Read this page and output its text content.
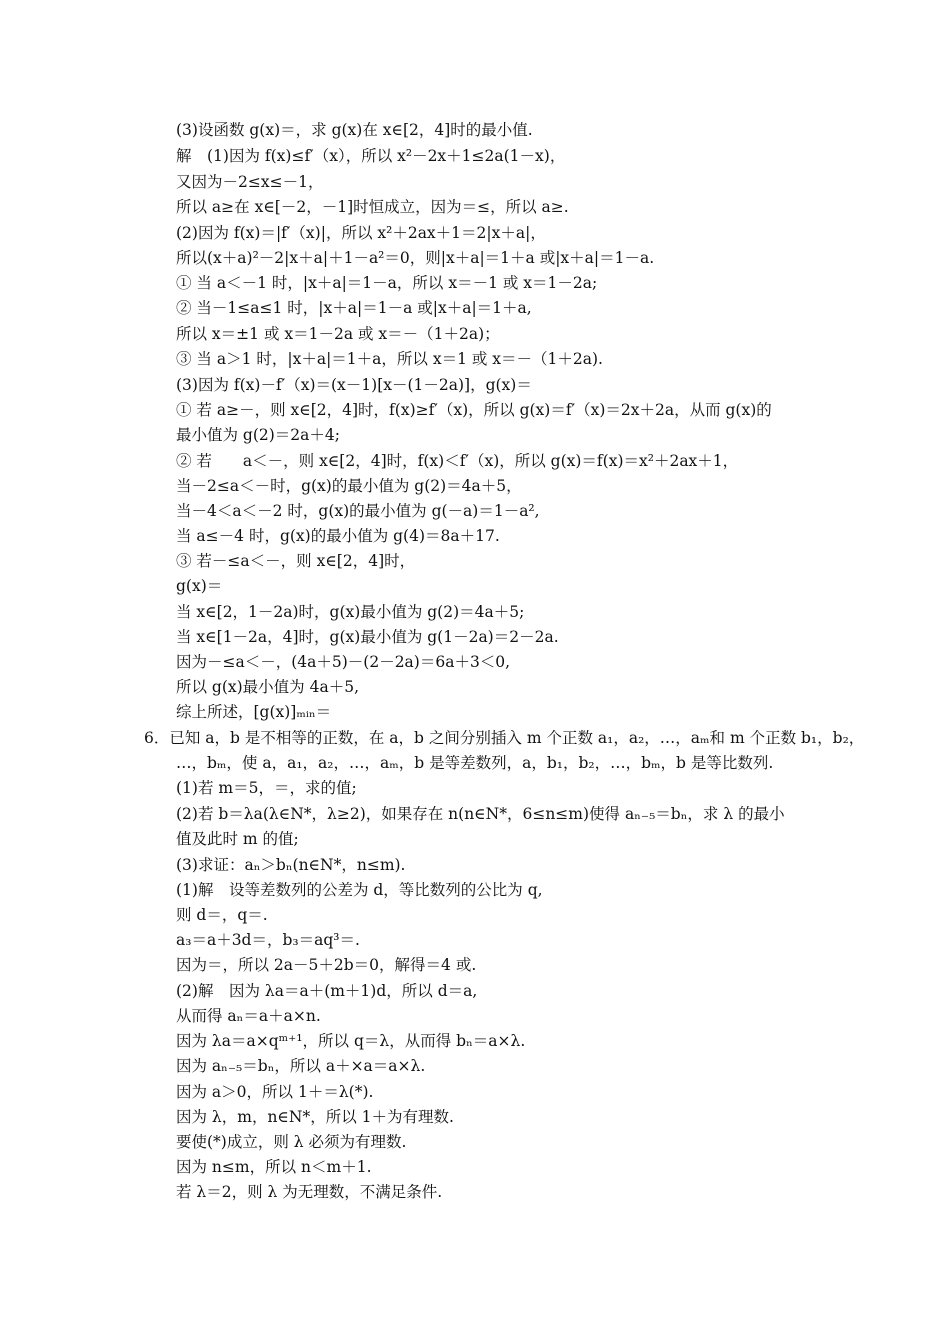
(3)设函数 g(x)＝，求 g(x)在 x∈[2，4]时的最小值.
解　(1)因为 f(x)≤f′（x），所以 x²－2x＋1≤2a(1－x)，
又因为－2≤x≤－1，
所以 a≥在 x∈[－2，－1]时恒成立，因为＝≤，所以 a≥.
(2)因为 f(x)＝|f′（x)|，所以 x²＋2ax＋1＝2|x＋a|，
所以(x＋a)²－2|x＋a|＋1－a²＝0，则|x＋a|＝1＋a 或|x＋a|＝1－a.
① 当 a＜－1 时，|x＋a|＝1－a，所以 x＝－1 或 x＝1－2a;
② 当－1≤a≤1 时，|x＋a|＝1－a 或|x＋a|＝1＋a,
所以 x＝±1 或 x＝1－2a 或 x＝－（1＋2a)；
③ 当 a＞1 时，|x＋a|＝1＋a，所以 x＝1 或 x＝－（1＋2a).
(3)因为 f(x)－f′（x)＝(x－1)[x－(1－2a)]，g(x)＝
① 若 a≥－，则 x∈[2，4]时，f(x)≥f′（x)，所以 g(x)＝f′（x)＝2x＋2a，从而 g(x)的
最小值为 g(2)＝2a＋4;
② 若　　a＜－，则 x∈[2，4]时，f(x)＜f′（x)，所以 g(x)＝f(x)＝x²＋2ax＋1，
当－2≤a＜－时，g(x)的最小值为 g(2)＝4a＋5，
当－4＜a＜－2 时，g(x)的最小值为 g(－a)＝1－a²,
当 a≤－4 时，g(x)的最小值为 g(4)＝8a＋17.
③ 若－≤a＜－，则 x∈[2，4]时，
g(x)＝
当 x∈[2，1－2a)时，g(x)最小值为 g(2)＝4a＋5;
当 x∈[1－2a，4]时，g(x)最小值为 g(1－2a)＝2－2a.
因为－≤a＜－，(4a＋5)－(2－2a)＝6a＋3＜0,
所以 g(x)最小值为 4a＋5,
综上所述，[g(x)]ₘᵢₙ＝
6．已知 a，b 是不相等的正数，在 a，b 之间分别插入 m 个正数 a₁，a₂，…，aₘ和 m 个正数 b₁，b₂，
…，bₘ，使 a，a₁，a₂，…，aₘ，b 是等差数列，a，b₁，b₂，…，bₘ，b 是等比数列.
(1)若 m＝5，＝，求的值;
(2)若 b＝λa(λ∈N*，λ≥2)，如果存在 n(n∈N*，6≤n≤m)使得 aₙ₋₅＝bₙ，求 λ 的最小
值及此时 m 的值;
(3)求证：aₙ＞bₙ(n∈N*，n≤m).
(1)解　设等差数列的公差为 d，等比数列的公比为 q,
则 d＝，q＝.
a₃＝a＋3d＝，b₃＝aq³＝.
因为＝，所以 2a－5＋2b＝0，解得＝4 或.
(2)解　因为 λa＝a＋(m＋1)d，所以 d＝a,
从而得 aₙ＝a＋a×n.
因为 λa＝a×qᵐ⁺¹，所以 q＝λ，从而得 bₙ＝a×λ.
因为 aₙ₋₅＝bₙ，所以 a＋×a＝a×λ.
因为 a＞0，所以 1＋＝λ(*).
因为 λ，m，n∈N*，所以 1＋为有理数.
要使(*)成立，则 λ 必须为有理数.
因为 n≤m，所以 n＜m＋1.
若 λ＝2，则 λ 为无理数，不满足条件.
